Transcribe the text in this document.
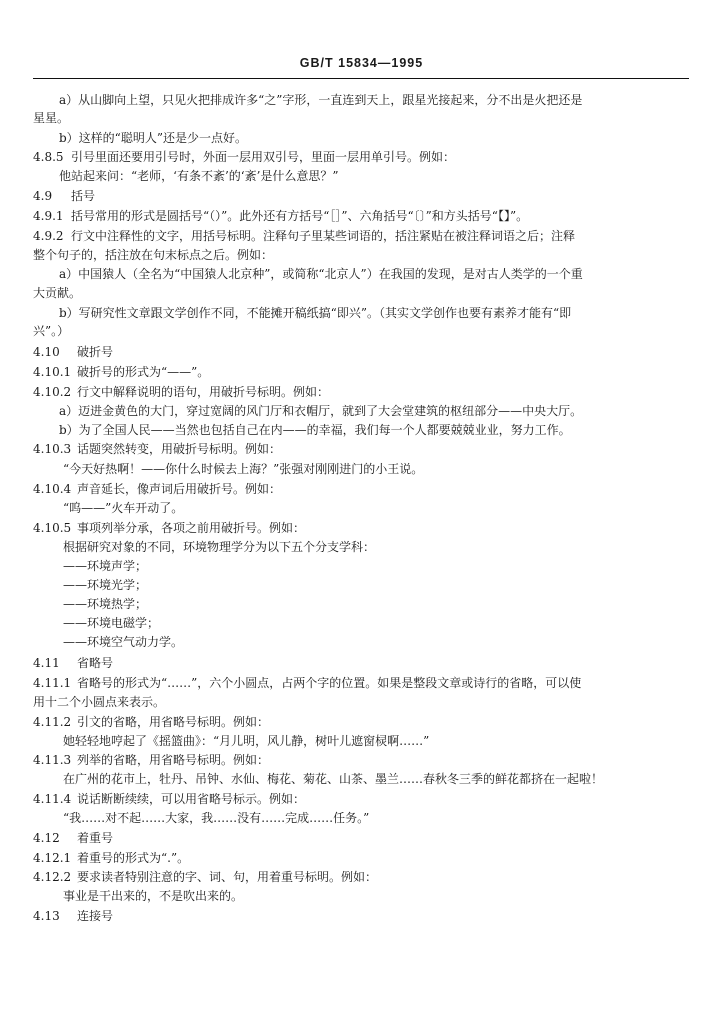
GB/T 15834—1995
a）从山脚向上望，只见火把排成许多“之”字形，一直连到天上，跟星光接起来，分不出是火把还是
星星。
b）这样的“聪明人”还是少一点好。
4.8.5 引号里面还要用引号时，外面一层用双引号，里面一层用单引号。例如：
他站起来问：“老师，‘有条不紊’的‘紊’是什么意思？”
4.9 括号
4.9.1 括号常用的形式是圆括号“（）”。此外还有方括号“［］”、六角括号“〔〕”和方头括号“【】”。
4.9.2 行文中注释性的文字，用括号标明。注释句子里某些词语的，括注紧贴在被注释词语之后；注释
整个句子的，括注放在句末标点之后。例如：
a）中国猿人（全名为“中国猿人北京种”，或简称“北京人”）在我国的发现，是对古人类学的一个重
大贡献。
b）写研究性文章跟文学创作不同，不能摊开稿纸搞“即兴”。（其实文学创作也要有素养才能有“即
兴”。）
4.10 破折号
4.10.1 破折号的形式为“——”。
4.10.2 行文中解释说明的语句，用破折号标明。例如：
a）迈进金黄色的大门，穿过宽阔的风门厅和衣帽厅，就到了大会堂建筑的枢纽部分——中央大厅。
b）为了全国人民——当然也包括自己在内——的幸福，我们每一个人都要兢兢业业，努力工作。
4.10.3 话题突然转变，用破折号标明。例如：
“今天好热啊！——你什么时候去上海？”张强对刚刚进门的小王说。
4.10.4 声音延长，像声词后用破折号。例如：
“呜——”火车开动了。
4.10.5 事项列举分承，各项之前用破折号。例如：
根据研究对象的不同，环境物理学分为以下五个分支学科：
——环境声学；
——环境光学；
——环境热学；
——环境电磁学；
——环境空气动力学。
4.11 省略号
4.11.1 省略号的形式为“……”，六个小圆点，占两个字的位置。如果是整段文章或诗行的省略，可以使
用十二个小圆点来表示。
4.11.2 引文的省略，用省略号标明。例如：
她轻轻地哼起了《摇篮曲》：“月儿明，风儿静，树叶儿遮窗棂啊……”
4.11.3 列举的省略，用省略号标明。例如：
在广州的花市上，牡丹、吊钟、水仙、梅花、菊花、山茶、墨兰……春秋冬三季的鲜花都挤在一起啦！
4.11.4 说话断断续续，可以用省略号标示。例如：
“我……对不起……大家，我……没有……完成……任务。”
4.12 着重号
4.12.1 着重号的形式为“.”。
4.12.2 要求读者特别注意的字、词、句，用着重号标明。例如：
事业是干出来的，不是吹出来的。
4.13 连接号
